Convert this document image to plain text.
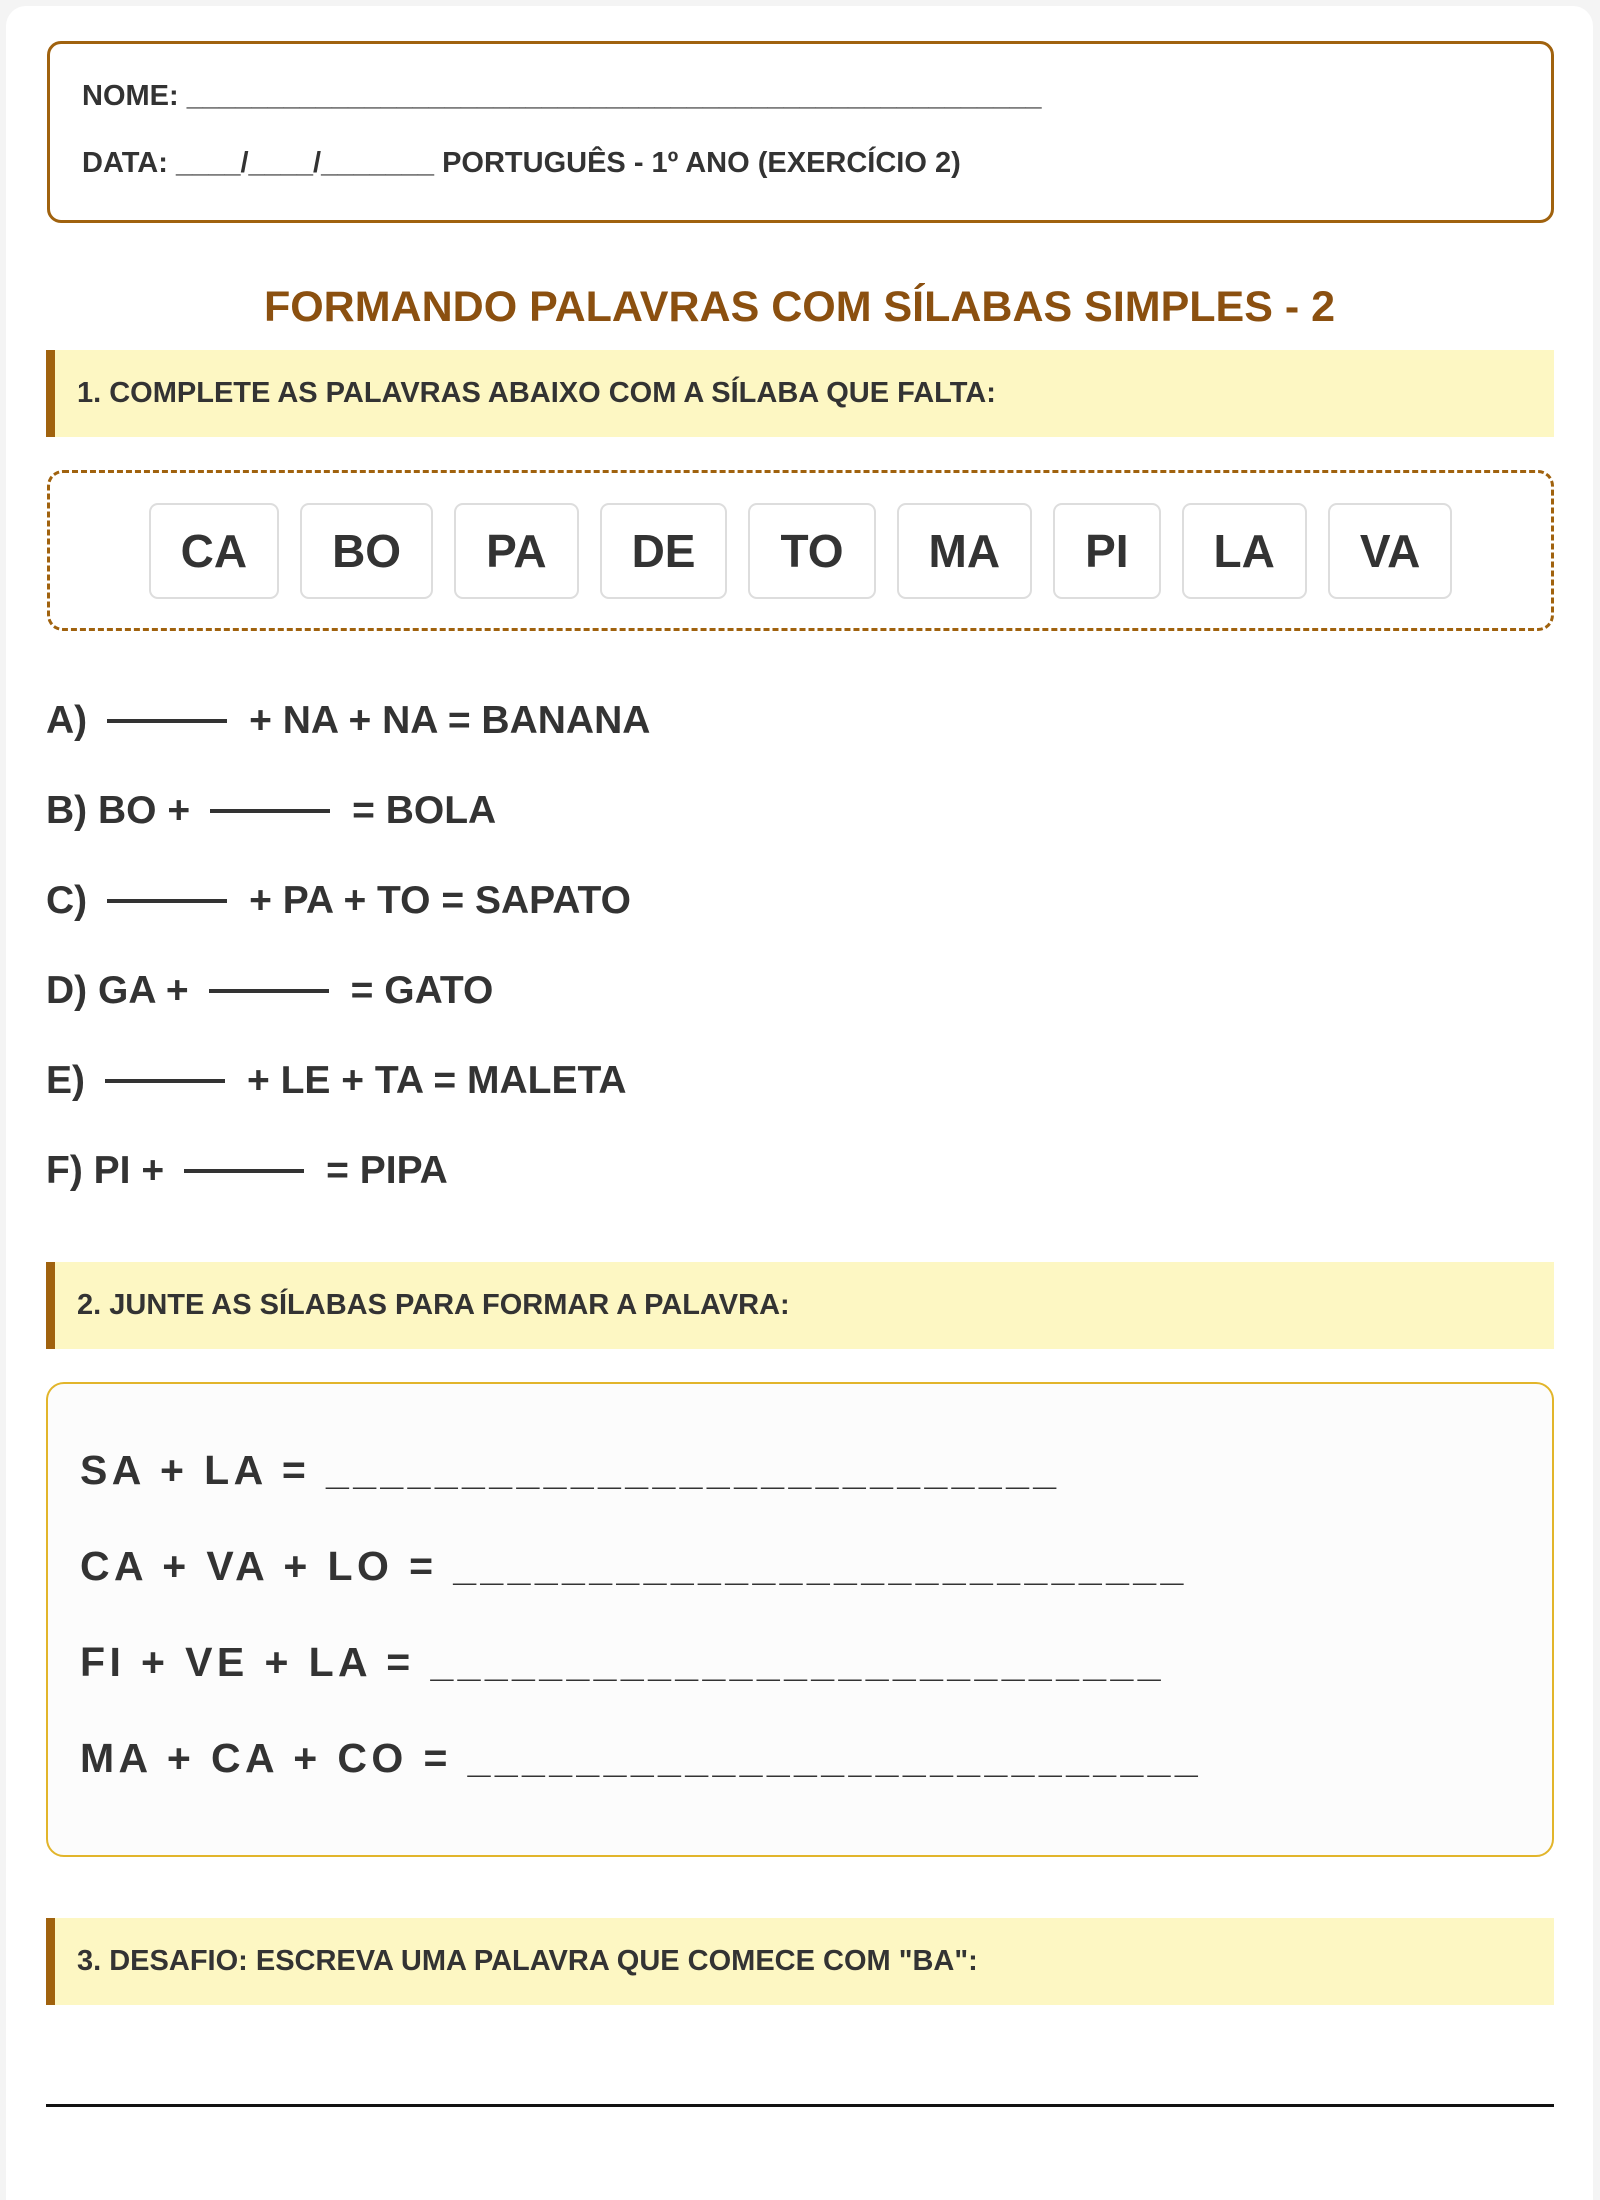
NOME: _____________________________________________________
DATA: ____/____/_______ PORTUGUÊS - 1º ANO (EXERCÍCIO 2)
FORMANDO PALAVRAS COM SÍLABAS SIMPLES - 2
1. COMPLETE AS PALAVRAS ABAIXO COM A SÍLABA QUE FALTA:
CA	BO	PA	DE	TO	MA	PI	LA	VA
A)	+ NA + NA = BANANA
B) BO +	= BOLA
C)	+ PA + TO = SAPATO
D) GA +	= GATO
E)	+ LE + TA = MALETA
F) PI +	= PIPA
2. JUNTE AS SÍLABAS PARA FORMAR A PALAVRA:
SA + LA = ___________________________
CA + VA + LO = ___________________________
FI + VE + LA = ___________________________
MA + CA + CO = ___________________________
3. DESAFIO: ESCREVA UMA PALAVRA QUE COMECE COM "BA":
